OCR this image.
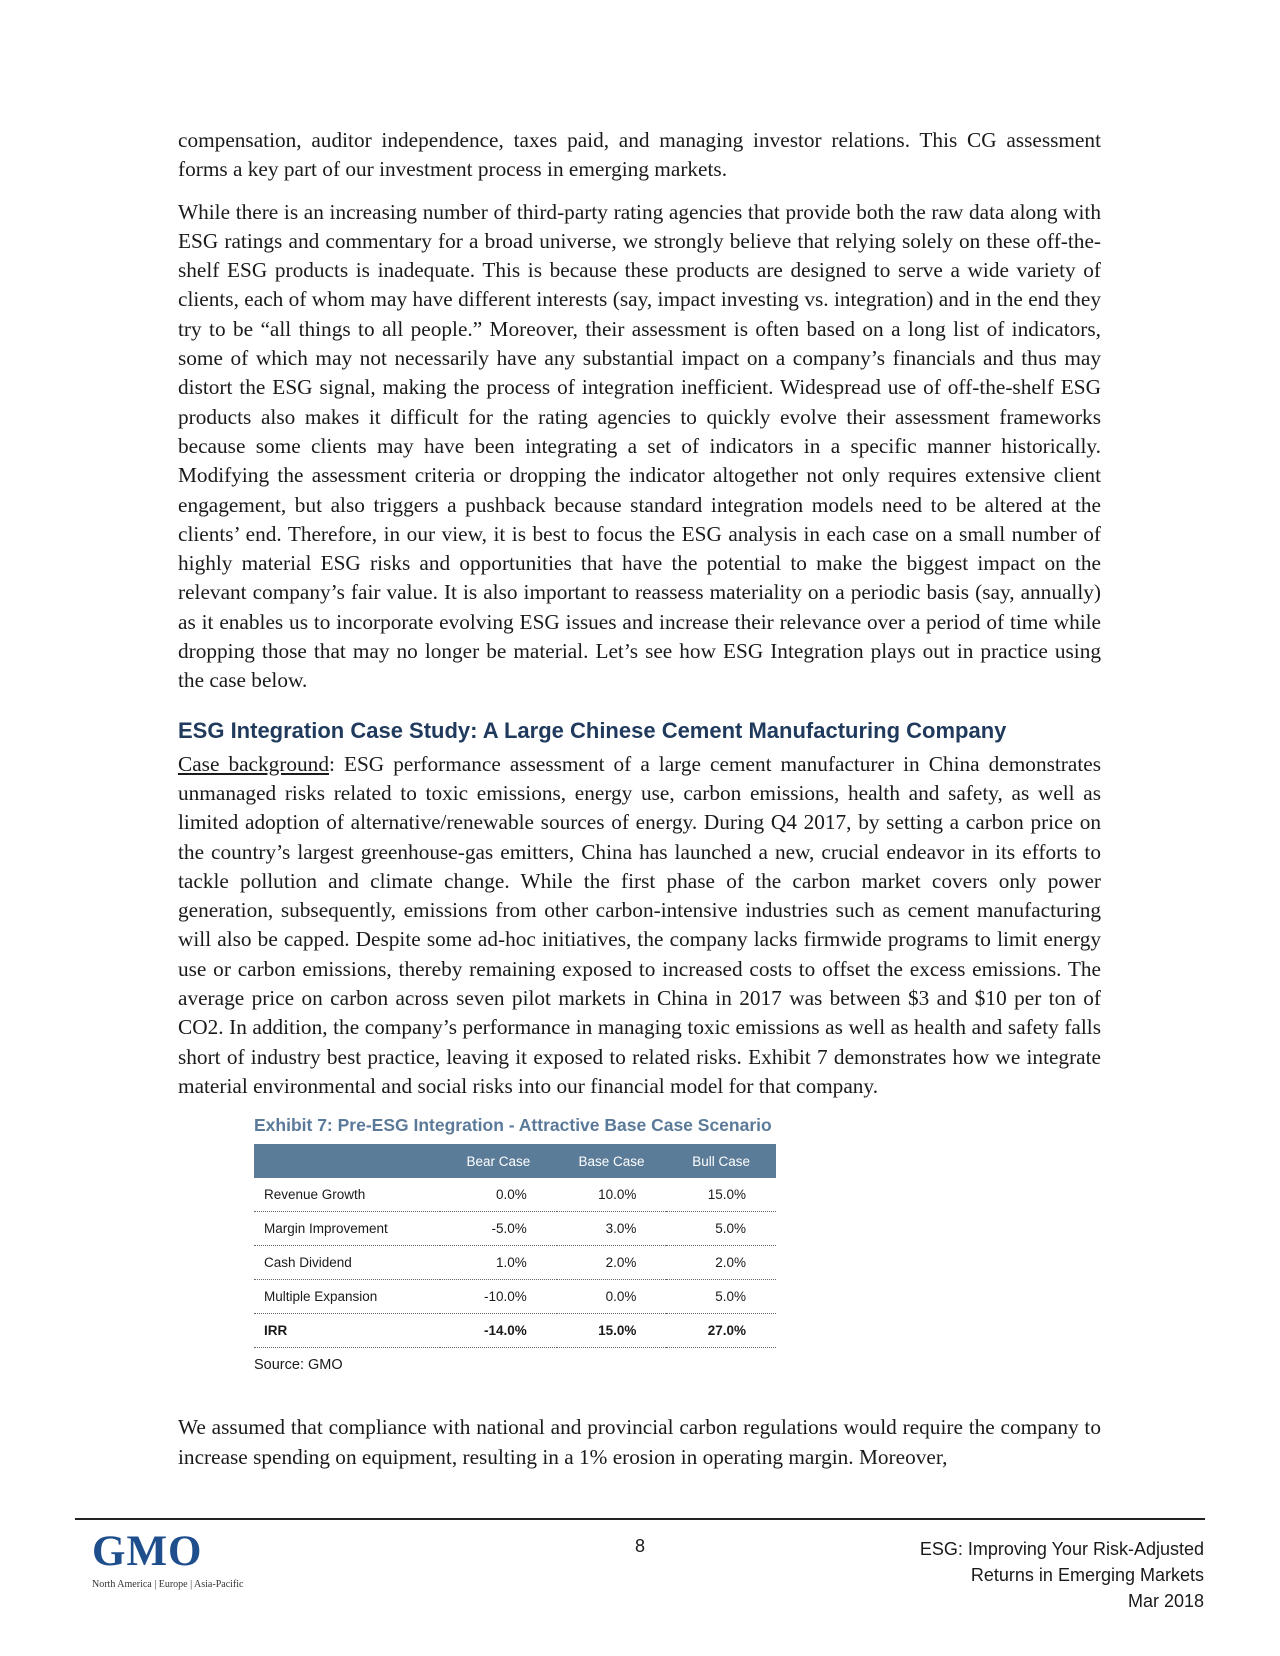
compensation, auditor independence, taxes paid, and managing investor relations. This CG assessment forms a key part of our investment process in emerging markets.

While there is an increasing number of third-party rating agencies that provide both the raw data along with ESG ratings and commentary for a broad universe, we strongly believe that relying solely on these off-the-shelf ESG products is inadequate. This is because these products are designed to serve a wide variety of clients, each of whom may have different interests (say, impact investing vs. integration) and in the end they try to be “all things to all people.” Moreover, their assessment is often based on a long list of indicators, some of which may not necessarily have any substantial impact on a company’s financials and thus may distort the ESG signal, making the process of integration inefficient. Widespread use of off-the-shelf ESG products also makes it difficult for the rating agencies to quickly evolve their assessment frameworks because some clients may have been integrating a set of indicators in a specific manner historically. Modifying the assessment criteria or dropping the indicator altogether not only requires extensive client engagement, but also triggers a pushback because standard integration models need to be altered at the clients’ end. Therefore, in our view, it is best to focus the ESG analysis in each case on a small number of highly material ESG risks and opportunities that have the potential to make the biggest impact on the relevant company’s fair value. It is also important to reassess materiality on a periodic basis (say, annually) as it enables us to incorporate evolving ESG issues and increase their relevance over a period of time while dropping those that may no longer be material. Let’s see how ESG Integration plays out in practice using the case below.

ESG Integration Case Study: A Large Chinese Cement Manufacturing Company

Case background: ESG performance assessment of a large cement manufacturer in China demonstrates unmanaged risks related to toxic emissions, energy use, carbon emissions, health and safety, as well as limited adoption of alternative/renewable sources of energy. During Q4 2017, by setting a carbon price on the country’s largest greenhouse-gas emitters, China has launched a new, crucial endeavor in its efforts to tackle pollution and climate change. While the first phase of the carbon market covers only power generation, subsequently, emissions from other carbon-intensive industries such as cement manufacturing will also be capped. Despite some ad-hoc initiatives, the company lacks firmwide programs to limit energy use or carbon emissions, thereby remaining exposed to increased costs to offset the excess emissions. The average price on carbon across seven pilot markets in China in 2017 was between $3 and $10 per ton of CO2. In addition, the company’s performance in managing toxic emissions as well as health and safety falls short of industry best practice, leaving it exposed to related risks. Exhibit 7 demonstrates how we integrate material environmental and social risks into our financial model for that company.

Exhibit 7: Pre-ESG Integration - Attractive Base Case Scenario
	Bear Case	Base Case	Bull Case
Revenue Growth	0.0%	10.0%	15.0%
Margin Improvement	-5.0%	3.0%	5.0%
Cash Dividend	1.0%	2.0%	2.0%
Multiple Expansion	-10.0%	0.0%	5.0%
IRR	-14.0%	15.0%	27.0%
Source: GMO

We assumed that compliance with national and provincial carbon regulations would require the company to increase spending on equipment, resulting in a 1% erosion in operating margin. Moreover,

GMO
North America | Europe | Asia-Pacific
8	ESG: Improving Your Risk-Adjusted
Returns in Emerging Markets
Mar 2018
